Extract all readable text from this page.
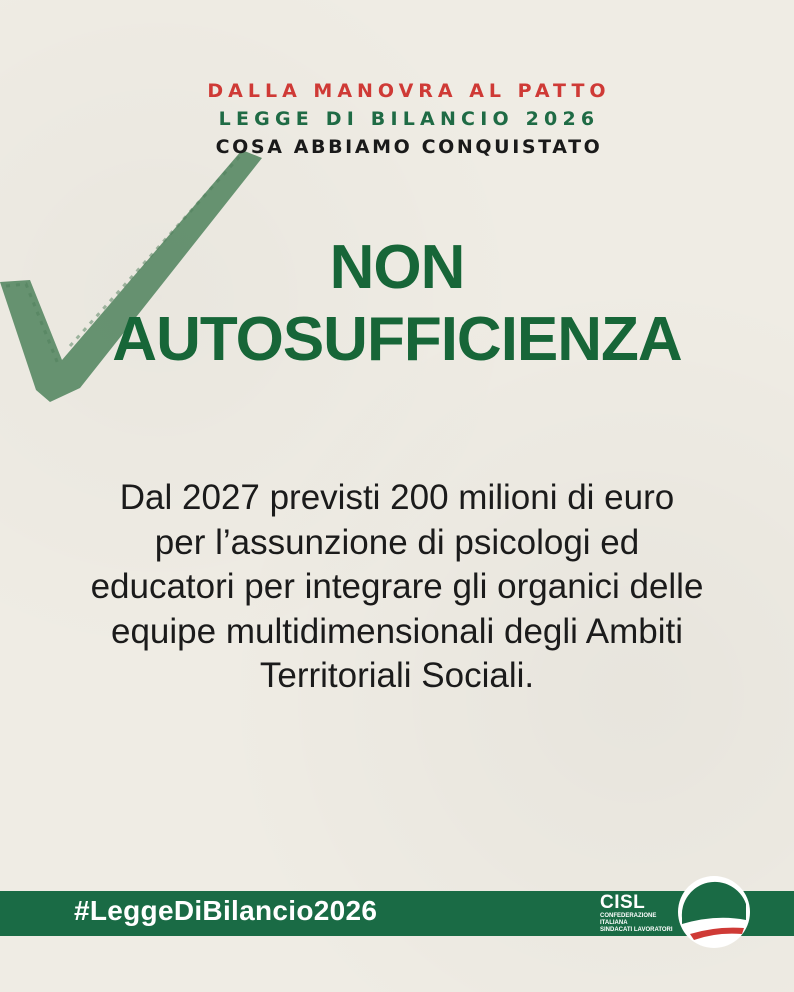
DALLA MANOVRA AL PATTO
LEGGE DI BILANCIO 2026
COSA ABBIAMO CONQUISTATO
NON
AUTOSUFFICIENZA
Dal 2027 previsti 200 milioni di euro per l’assunzione di psicologi ed educatori per integrare gli organici delle equipe multidimensionali degli Ambiti Territoriali Sociali.
#LeggeDiBilancio2026	CISL
CONFEDERAZIONE ITALIANA
SINDACATI LAVORATORI
